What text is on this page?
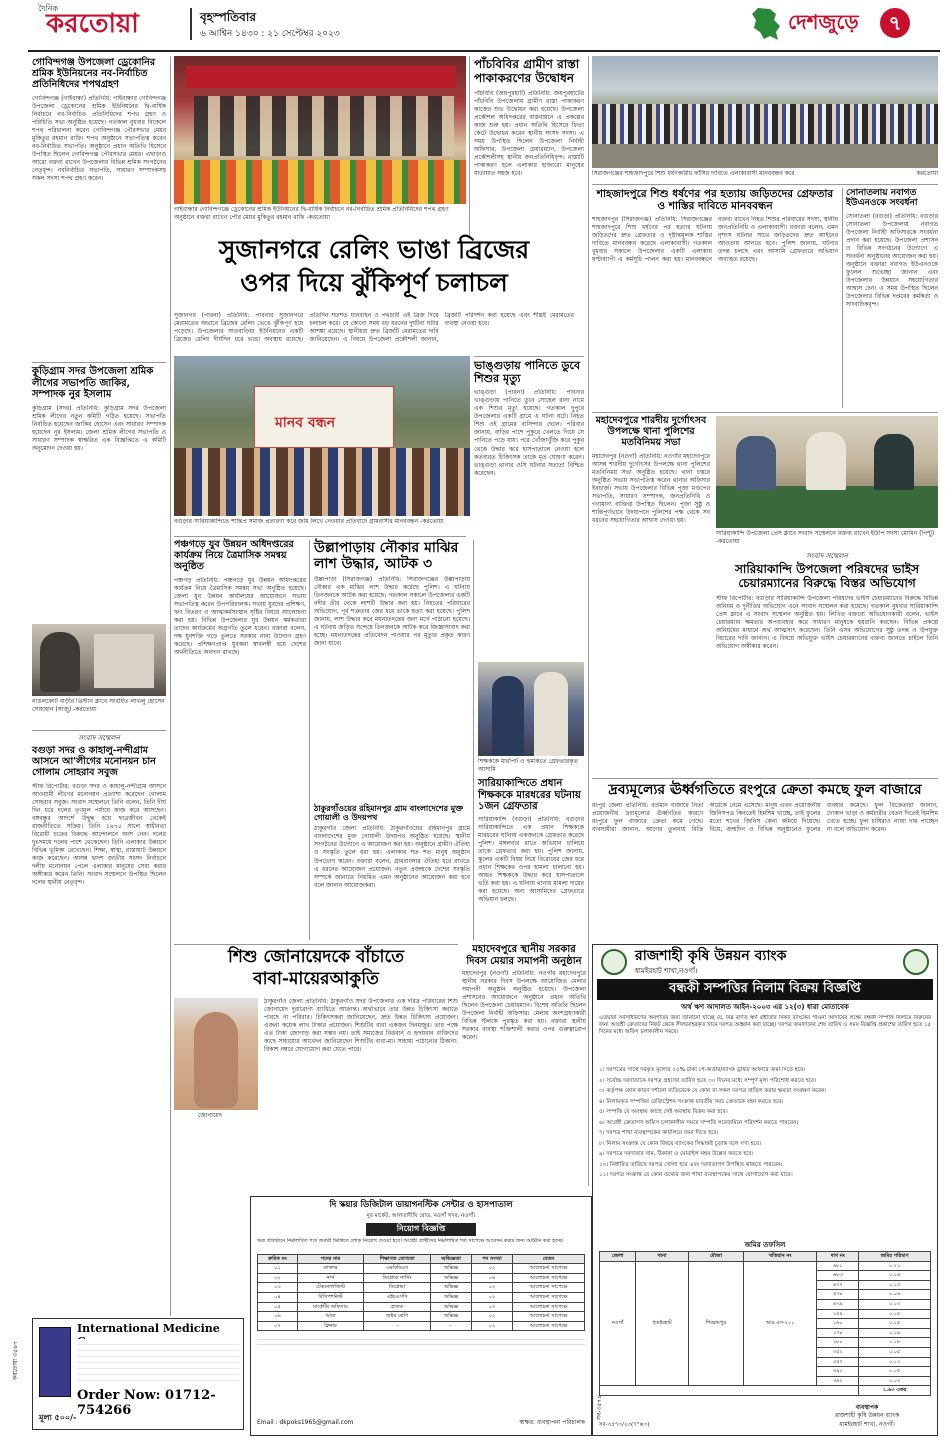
দৈনিক
করতোয়া	বৃহস্পতিবার
৬ আশ্বিন ১৪৩০ : ২১ সেপ্টেম্বর ২০২৩	দেশজুড়ে	৭
গোবিন্দগঞ্জ উপজেলা ড্রেকোনির শ্রমিক ইউনিয়নের নব-নির্বাচিত প্রতিনিধিদের শপথগ্রহণ
গোবিন্দগঞ্জ (গাইবান্ধা) প্রতিনিধি: গাইবান্ধার গোবিন্দগঞ্জ উপজেলা ড্রেকোনের শ্রমিক ইউনিয়নের দ্বি-বার্ষিক নির্বাচনে নব-নির্বাচিত প্রতিনিধিদের শপথ গ্রহণ ও পরিচিতি সভা অনুষ্ঠিত হয়েছে। গতকাল বুধবার বিকেলে শপথ পরিচালনা করেন গোবিন্দগঞ্জ পৌরসভার মেয়র মুকিতুর রহমান রাফি। শপথ অনুষ্ঠানে সভাপতিত্ব করেন নব-নির্বাচিত সভাপতি। অনুষ্ঠানে প্রধান অতিথি হিসেবে উপস্থিত ছিলেন গোবিন্দগঞ্জ পৌরসভার মেয়র। এছাড়াও আরো বক্তব্য রাখেন উপজেলার বিভিন্ন শ্রমিক সংগঠনের নেতৃবৃন্দ। নবনির্বাচিত সভাপতি, সাধারণ সম্পাদকসহ সকল সদস্য শপথ গ্রহণ করেন।
কুড়িগ্রাম সদর উপজেলা শ্রমিক লীগের সভাপতি জাকির, সম্পাদক নুর ইসলাম
কুড়িগ্রাম (সদর) প্রতিনিধি: কুড়িগ্রাম সদর উপজেলা শ্রমিক লীগের নতুন কমিটি গঠিত হয়েছে। সভাপতি নির্বাচিত হয়েছেন জাকির হোসেন এবং সাধারণ সম্পাদক হয়েছেন নুর ইসলাম। জেলা শ্রমিক লীগের সভাপতি ও সাধারণ সম্পাদক স্বাক্ষরিত এক বিজ্ঞপ্তিতে এ কমিটি অনুমোদন দেওয়া হয়।
নাঙলকোট বাড়ীর খ্রিস্টান ক্লাবে সংবর্ধিত লাভলু হোসেন সোহাহান (সাজু) -করতোয়া
সংবাদ সম্মেলন
বগুড়া সদর ও কাহালু-নন্দীগ্রাম আসনে আ'লীগের মনোনয়ন চান গোলাম সোহরাব সবুজ
স্টাফ রিপোর্টার: বগুড়া সদর ও কাহালু-নন্দীগ্রাম আসনে আওয়ামী লীগের মনোনয়ন প্রত্যাশা করেছেন গোলাম সোহরাব সবুজ। সংবাদ সম্মেলনে তিনি বলেন, তিনি দীর্ঘ দিন ধরে দলের তৃণমূল পর্যায়ে কাজ করে আসছেন। বঙ্গবন্ধুর আদর্শে উদ্বুদ্ধ হয়ে ছাত্রজীবন থেকেই রাজনীতিতে সক্রিয়। তিনি ১৯৭৫ সালে স্বাধীনতা বিরোধী চক্রের বিরুদ্ধে আন্দোলনে অংশ নেন। দলের দুঃসময়ে দলের পাশে থেকেছেন। তিনি এলাকার উন্নয়নে বিভিন্ন ভূমিকা রেখেছেন। শিক্ষা, স্বাস্থ্য, রাস্তাঘাট উন্নয়নে কাজ করেছেন। আসন্ন দ্বাদশ জাতীয় সংসদ নির্বাচনে দলীয় মনোনয়ন পেলে এলাকার মানুষের সেবা করার অঙ্গীকার করেন তিনি। সংবাদ সম্মেলনে উপস্থিত ছিলেন দলের স্থানীয় নেতৃবৃন্দ।
International Medicine
Order Now: 01712-754266
মূল্য ৫০০/-
করতোয়া ৩৫৯৭
গাইবান্ধার গোবিন্দগঞ্জে ড্রেকোনের শ্রমিক ইউনিয়নের দ্বি-বার্ষিক নির্বাচনে নব-নির্বাচিত শ্রমিক প্রতিনিধিদের শপথ গ্রহণ অনুষ্ঠানে বক্তব্য রাখেন পৌর মেয়র মুকিতুর রহমান রাফি -করতোয়া
পাঁচবিবির গ্রামীণ রাস্তা পাকাকরণের উদ্বোধন
পাঁচবিবি (জয়পুরহাট) প্রতিনিধি: জয়পুরহাটের পাঁচবিবি উপজেলায় গ্রামীণ রাস্তা পাকাকরণ কাজের শুভ উদ্বোধন করা হয়েছে। উপজেলা প্রকৌশল অধিদপ্তরের বাস্তবায়নে এ প্রকল্পের কাজ শুরু হয়। প্রধান অতিথি হিসেবে ফিতা কেটে উদ্বোধন করেন স্থানীয় সংসদ সদস্য। এ সময় উপস্থিত ছিলেন উপজেলা নির্বাহী অফিসার, উপজেলা চেয়ারম্যান, উপজেলা প্রকৌশলীসহ স্থানীয় জনপ্রতিনিধিবৃন্দ। রাস্তাটি পাকাকরণ হলে এলাকার হাজারো মানুষের যাতায়াত সহজ হবে।
সুজানগরে রেলিং ভাঙা ব্রিজের
ওপর দিয়ে ঝুঁকিপূর্ণ চলাচল
সুজানগর (পাবনা) প্রতিনিধি: পাবনার সুজানগরে মেরামতের অভাবে ব্রিজের রেলিং ভেঙে ঝুঁকিপূর্ণ হয়ে পড়েছে। উপজেলার সাতবাড়িয়া ইউনিয়নের একটি ব্রিজের রেলিং দীর্ঘদিন ধরে ভাঙা অবস্থায় রয়েছে। প্রতিদিন শতশত যানবাহন ও পথচারী এই ব্রিজ দিয়ে চলাচল করে। যে কোনো সময় বড় ধরনের দুর্ঘটনা ঘটার আশঙ্কা রয়েছে। স্থানীয়রা দ্রুত ব্রিজটি মেরামতের দাবি জানিয়েছেন। এ বিষয়ে উপজেলা প্রকৌশলী জানান, ব্রিজটি পরিদর্শন করা হয়েছে এবং শীঘ্রই মেরামতের ব্যবস্থা নেওয়া হবে।
মানব বন্ধন
বগুড়ার সারিয়াকান্দিতে শান্তিপ্র সমাজ প্রতারণা করে জমি লিখে নেওয়ার প্রতিবাদে গ্রামবাসীর মানববন্ধন -করতোয়া
ভাঙ্গুড়ায় পানিতে ডুবে শিশুর মৃত্যু
ভাঙ্গুড়া (পাবনা) প্রতিনিধি: পাবনার ভাঙ্গুড়ায় পানিতে ডুবে সোহেল রানা নামে এক শিশুর মৃত্যু হয়েছে। গতকাল দুপুরে উপজেলার একটি গ্রামে এ ঘটনা ঘটে। নিহত শিশু ওই গ্রামের বাসিন্দার ছেলে। পরিবার জানায়, বাড়ির পাশে পুকুরে খেলতে গিয়ে সে পানিতে পড়ে যায়। পরে খোঁজাখুঁজি করে পুকুর থেকে উদ্ধার করে হাসপাতালে নেওয়া হলে কর্তব্যরত চিকিৎসক তাকে মৃত ঘোষণা করেন। ভাঙ্গুড়া থানার ওসি ঘটনার সত্যতা নিশ্চিত করেছেন।
পঞ্চগড়ে যুব উন্নয়ন অধিদপ্তরের কার্যক্রম নিয়ে ত্রৈমাসিক সমন্বয় অনুষ্ঠিত
পঞ্চগড় প্রতিনিধি: পঞ্চগড়ে যুব উন্নয়ন অধিদপ্তরের কার্যক্রম নিয়ে ত্রৈমাসিক সমন্বয় সভা অনুষ্ঠিত হয়েছে। জেলা যুব উন্নয়ন কার্যালয়ের আয়োজনে সভায় সভাপতিত্ব করেন উপপরিচালক। সভায় যুবদের প্রশিক্ষণ, ঋণ বিতরণ ও আত্মকর্মসংস্থান সৃষ্টির বিষয়ে আলোচনা করা হয়। বিভিন্ন উপজেলার যুব উন্নয়ন কর্মকর্তারা তাদের কার্যক্রমের অগ্রগতি তুলে ধরেন। বক্তারা বলেন, দক্ষ যুবশক্তি গড়ে তুলতে সরকার নানা উদ্যোগ গ্রহণ করেছে। প্রশিক্ষণপ্রাপ্ত যুবকরা স্বাবলম্বী হয়ে দেশের অর্থনীতিতে অবদান রাখছে।
উল্লাপাড়ায় নৌকার মাঝির লাশ উদ্ধার, আটক ৩
উল্লাপাড়া (সিরাজগঞ্জ) প্রতিনিধি: সিরাজগঞ্জের উল্লাপাড়ায় নৌকার এক মাঝির লাশ উদ্ধার করেছে পুলিশ। এ ঘটনায় তিনজনকে আটক করা হয়েছে। গতকাল সকালে উপজেলার একটি নদীর তীর থেকে লাশটি উদ্ধার করা হয়। নিহতের পরিবারের অভিযোগ, পূর্ব শত্রুতার জের ধরে তাকে হত্যা করা হয়েছে। পুলিশ জানায়, লাশ উদ্ধার করে ময়নাতদন্তের জন্য মর্গে পাঠানো হয়েছে। এ ঘটনায় জড়িত সন্দেহে তিনজনকে আটক করে জিজ্ঞাসাবাদ করা হচ্ছে। ময়নাতদন্তের প্রতিবেদন পাওয়ার পর মৃত্যুর প্রকৃত কারণ জানা যাবে।
ঠাকুরগাঁওয়ের রহিমানপুর গ্রাম বাংলাদেশের মুক্ত গোয়ালী ও উদয়পথ
ঠাকুরগাঁও জেলা প্রতিনিধি: ঠাকুরগাঁওয়ের রহিমানপুর গ্রামে বাংলাদেশের মুক্ত গোয়ালী উদয়পথ অনুষ্ঠিত হয়েছে। স্থানীয় সংগঠনের উদ্যোগে এ আয়োজন করা হয়। অনুষ্ঠানে গ্রামীণ ঐতিহ্য ও সংস্কৃতি তুলে ধরা হয়। এলাকার শত শত মানুষ অনুষ্ঠান উপভোগ করেন। বক্তারা বলেন, গ্রামবাংলার ঐতিহ্য ধরে রাখতে এ ধরনের আয়োজন প্রয়োজন। নতুন প্রজন্মকে দেশের সংস্কৃতি সম্পর্কে জানাতে নিয়মিত এমন অনুষ্ঠানের আয়োজন করা হবে বলে জানান আয়োজকরা।
শিক্ষককে মারপিট ও হুমকিতে গ্রেফতারকৃত আসামি
সারিয়াকান্দিতে প্রধান শিক্ষককে মারধরের ঘটনায় ১জন গ্রেফতার
সারিয়াকান্দি (বগুড়া) প্রতিনিধি: বগুড়ার সারিয়াকান্দিতে এক প্রধান শিক্ষককে মারধরের ঘটনায় একজনকে গ্রেফতার করেছে পুলিশ। মঙ্গলবার রাতে অভিযান চালিয়ে তাকে গ্রেফতার করা হয়। পুলিশ জানায়, স্কুলের একটি বিষয় নিয়ে বিরোধের জের ধরে প্রধান শিক্ষকের ওপর হামলা চালানো হয়। আহত শিক্ষককে উদ্ধার করে হাসপাতালে ভর্তি করা হয়। এ ঘটনায় থানায় মামলা দায়ের করা হয়েছে। অন্য আসামিদের গ্রেফতারে অভিযান চলছে।
মহাদেবপুরে স্থানীয় সরকার দিবস মেয়ার সমাপনী অনুষ্ঠান
মহাদেবপুর (নওগাঁ) প্রতিনিধি: নওগাঁর মহাদেবপুরে স্থানীয় সরকার দিবস উপলক্ষে আয়োজিত মেলার সমাপনী অনুষ্ঠান অনুষ্ঠিত হয়েছে। উপজেলা প্রশাসনের আয়োজনে অনুষ্ঠানে প্রধান অতিথি ছিলেন উপজেলা চেয়ারম্যান। বিশেষ অতিথি ছিলেন উপজেলা নির্বাহী অফিসার। মেলায় অংশগ্রহণকারী বিভিন্ন স্টলকে পুরস্কৃত করা হয়। বক্তারা স্থানীয় সরকার ব্যবস্থা শক্তিশালী করার ওপর গুরুত্বারোপ করেন।
শিশু জোনায়েদকে বাঁচাতে
বাবা-মায়েরআকুতি
জোনায়েদ
ঠাকুরগাঁও জেলা প্রতিনিধি: ঠাকুরগাঁও সদর উপজেলার এক দরিদ্র পরিবারের শিশু জোনায়েদ দুরারোগ্য ব্যাধিতে আক্রান্ত। অর্থাভাবে তার উন্নত চিকিৎসা করাতে পারছে না পরিবার। চিকিৎসকরা জানিয়েছেন, দ্রুত উন্নত চিকিৎসা প্রয়োজন। এজন্য কয়েক লাখ টাকার প্রয়োজন। শিশুটির বাবা একজন দিনমজুর। তার পক্ষে এত টাকা জোগাড় করা সম্ভব নয়। তাই সমাজের বিত্তবান ও হৃদয়বান ব্যক্তিদের কাছে সাহায্যের আবেদন জানিয়েছেন শিশুটির বাবা-মা। সাহায্য পাঠানোর ঠিকানা: বিকাশ নম্বরে যোগাযোগ করা যেতে পারে।
দি স্কয়ার ডিজিটাল ডায়াগনস্টিক সেন্টার ও হাসপাতাল
নুর মার্কেট, আলতাদীঘি রোড, নওগাঁ সদর, নওগাঁ।
নিয়োগ বিজ্ঞপ্তি
অত্র প্রতিষ্ঠানে নিম্নলিখিত পদে জরুরী ভিত্তিতে লোক নিয়োগ দেওয়া হবে। আগ্রহী প্রার্থীদের নিম্নলিখিত শর্ত সাপেক্ষে আবেদন করার জন্য আহ্বান করা হচ্ছে।
ক্রমিক নং	পদের নাম	শিক্ষাগত যোগ্যতা	অভিজ্ঞতা	পদ সংখ্যা	বেতন
০১	ডাক্তার	এমবিবিএস	অভিজ্ঞ	০২	আলোচনা সাপেক্ষে
০২	নার্স	ডিপ্লোমা নার্সিং	অভিজ্ঞ	০৪	আলোচনা সাপেক্ষে
০৩	টেকনোলজিস্ট	ডিপ্লোমা	অভিজ্ঞ	০২	আলোচনা সাপেক্ষে
০৪	রিসিপশনিস্ট	এইচএসসি	অভিজ্ঞ	০২	আলোচনা সাপেক্ষে
০৫	মার্কেটিং অফিসার	স্নাতক	অভিজ্ঞ	০৩	আলোচনা সাপেক্ষে
০৬	আয়া	অষ্টম শ্রেণি	অভিজ্ঞ	০২	আলোচনা সাপেক্ষে
০৭	ক্লিনার	-	-	০২	আলোচনা সাপেক্ষে
Email : dkpoks1965@gmail.com	স্বাক্ষর: ব্যবস্থাপনা পরিচালক
সব-৩৫৭৪
সিরাজগঞ্জের শাহজাদপুরে শিশু ধর্ষণকারীর ফাঁসির দাবিতে এলাকাবাসী মানববন্ধন করে	করতোয়া
শাহজাদপুরে শিশু ধর্ষণের পর হত্যায় জড়িতদের গ্রেফতার ও শাস্তির দাবিতে মানববন্ধন
শাহজাদপুর (সিরাজগঞ্জ) প্রতিনিধি: সিরাজগঞ্জের শাহজাদপুরে শিশু ধর্ষণের পর হত্যার ঘটনায় জড়িতদের দ্রুত গ্রেফতার ও দৃষ্টান্তমূলক শাস্তির দাবিতে মানববন্ধন করেছে এলাকাবাসী। গতকাল বুধবার সকালে উপজেলার একটি এলাকায় ঘণ্টাব্যাপী এ কর্মসূচি পালন করা হয়। মানববন্ধনে বক্তব্য রাখেন নিহত শিশুর পরিবারের সদস্য, স্থানীয় জনপ্রতিনিধি ও এলাকাবাসী। বক্তারা বলেন, এমন নৃশংস ঘটনার সাথে জড়িতদের দ্রুত আইনের আওতায় আনতে হবে। পুলিশ জানায়, ঘটনার তদন্ত চলছে এবং আসামি গ্রেফতারে অভিযান অব্যাহত রয়েছে।
সোনাতলায় নবাগত ইউএনওকে সংবর্ধনা
সোনাতলা (বগুড়া) প্রতিনিধি: বগুড়ার সোনাতলা উপজেলায় নবাগত উপজেলা নির্বাহী অফিসারকে সংবর্ধনা প্রদান করা হয়েছে। উপজেলা প্রশাসন ও বিভিন্ন সংগঠনের উদ্যোগে এ সংবর্ধনা অনুষ্ঠানের আয়োজন করা হয়। অনুষ্ঠানে বক্তারা নবাগত ইউএনওকে ফুলেল শুভেচ্ছা জানান এবং উপজেলার উন্নয়নে সহযোগিতার আশ্বাস দেন। এ সময় উপস্থিত ছিলেন উপজেলার বিভিন্ন দপ্তরের কর্মকর্তা ও সাংবাদিকবৃন্দ।
মহাদেবপুরে শারদীয় দুর্গোৎসব উপলক্ষে থানা পুলিশের মতবিনিময় সভা
মহাদেবপুর (নওগাঁ) প্রতিনিধি: নওগাঁর মহাদেবপুরে আসন্ন শারদীয় দুর্গোৎসব উপলক্ষে থানা পুলিশের মতবিনিময় সভা অনুষ্ঠিত হয়েছে। থানা চত্বরে অনুষ্ঠিত সভায় সভাপতিত্ব করেন থানার অফিসার ইনচার্জ। সভায় উপজেলার বিভিন্ন পূজা মণ্ডপের সভাপতি, সাধারণ সম্পাদক, জনপ্রতিনিধি ও গণ্যমান্য ব্যক্তিরা উপস্থিত ছিলেন। পূজা সুষ্ঠু ও শান্তিপূর্ণভাবে উদযাপনে পুলিশের পক্ষ থেকে সব ধরনের সহযোগিতার আশ্বাস দেওয়া হয়।
সারিয়াকান্দি উপজেলা প্রেস ক্লাবে সংবাদ সম্মেলনে বক্তব্য রাখেন ইউপি সদস্য মোমিন (পিন্টু) -করতোয়া
সংবাদ সম্মেলন
সারিয়াকান্দি উপজেলা পরিষদের ভাইস চেয়ারম্যানের বিরুদ্ধে বিস্তর অভিযোগ
স্টাফ রিপোর্টার: বগুড়ার সারিয়াকান্দি উপজেলা পরিষদের ভাইস চেয়ারম্যানের বিরুদ্ধে বিভিন্ন অনিয়ম ও দুর্নীতির অভিযোগ এনে সংবাদ সম্মেলন করা হয়েছে। গতকাল বুধবার সারিয়াকান্দি প্রেস ক্লাবে এ সংবাদ সম্মেলন অনুষ্ঠিত হয়। লিখিত বক্তব্যে অভিযোগকারী বলেন, ভাইস চেয়ারম্যান ক্ষমতার অপব্যবহার করে সাধারণ মানুষকে হয়রানি করছেন। বিভিন্ন প্রকল্পে অনিয়মের মাধ্যমে অর্থ আত্মসাৎ করেছেন। তিনি এসব অভিযোগের সুষ্ঠু তদন্ত ও উপযুক্ত বিচারের দাবি জানান। এ বিষয়ে অভিযুক্ত ভাইস চেয়ারম্যানের বক্তব্য জানতে চাইলে তিনি অভিযোগ অস্বীকার করেন।
দ্রব্যমূল্যের ঊর্ধ্বগতিতে রংপুরে ক্রেতা কমছে ফুল বাজারে
রংপুর জেলা প্রতিনিধি: বর্তমান বাজারে নিত্য প্রয়োজনীয় দ্রব্যমূল্যের ঊর্ধ্বগতির কারণে রংপুরে ফুল বাজারে ক্রেতা কমে গেছে। ব্যবসায়ীরা জানান, আগের তুলনায় বিক্রি অর্ধেকে নেমে এসেছে। মানুষ এখন প্রয়োজনীয় জিনিসপত্র কিনতেই হিমশিম খাচ্ছে, তাই ফুলের মতো শখের জিনিস কেনা কমিয়ে দিয়েছে। বিয়ে, জন্মদিন ও বিভিন্ন অনুষ্ঠানেও ফুলের ব্যবহার কমেছে। ফুল বিক্রেতারা জানান, দোকান ভাড়া ও কর্মচারীর বেতন দিতেই হিমশিম খেতে হচ্ছে। ফুল চাষিরাও ন্যায্য দাম পাচ্ছেন না বলে অভিযোগ করেন।
রাজশাহী কৃষি উন্নয়ন ব্যাংক
ধামইরহাট শাখা,নওগাঁ।
বন্ধকী সম্পত্তির নিলাম বিক্রয় বিজ্ঞপ্তি
অর্থ ঋণ আদালত আইন-২০০৩ এর ১২(৩) ধারা মোতাবেক
এতদ্বারা সর্বসাধারণের অবগতির জন্য জানানো যাচ্ছে যে, নিম্ন বর্ণিত ঋণ গ্রহীতার নিকট ব্যাংকের পাওনা আদায়ের লক্ষ্যে বন্ধকী সম্পত্তি নিলামে বিক্রয়ের জন্য আগ্রহী ক্রেতাদের নিকট থেকে সীলমোহরকৃত খামে দরপত্র আহ্বান করা যাচ্ছে। দরপত্র জমাদানের শেষ তারিখ ও সময় বিজ্ঞপ্তি প্রকাশের তারিখ হতে ১৫ দিনের মধ্যে অফিস চলাকালীন সময়ে।
১। দরপত্রের সাথে দরকৃত মূল্যের ২৫% টাকা পে-অর্ডার/ব্যাংক ড্রাফট আকারে জমা দিতে হবে।
২। সর্বোচ্চ দরদাতাকে দরপত্র গ্রহণের তারিখ হতে ৩০ দিনের মধ্যে সম্পূর্ণ মূল্য পরিশোধ করতে হবে।
৩। কর্তৃপক্ষ কোন কারণ দর্শানো ব্যতিরেকে যে কোন বা সকল দরপত্র বাতিল করার ক্ষমতা সংরক্ষণ করেন।
৪। নিলামকৃত সম্পত্তির রেজিস্ট্রেশন সংক্রান্ত যাবতীয় খরচ ক্রেতাকে বহন করতে হবে।
৫। সম্পত্তি যে অবস্থায় আছে সেই অবস্থায় বিক্রয় করা হবে।
৬। আগ্রহী ক্রেতাগণ অফিস চলাকালীন সময়ে সম্পত্তি সরেজমিনে পরিদর্শন করতে পারবেন।
৭। দরপত্র শাখা ব্যবস্থাপকের কার্যালয়ে জমা দিতে হবে।
৮। নিলাম সংক্রান্ত যে কোন বিষয়ে ব্যাংকের সিদ্ধান্তই চূড়ান্ত বলে গণ্য হবে।
৯। দরপত্রে দরদাতার নাম, ঠিকানা ও মোবাইল নম্বর উল্লেখ করতে হবে।
১০। নির্ধারিত তারিখে দরপত্র খোলা হবে এবং দরদাতাগণ উপস্থিত থাকতে পারবেন।
১১। দরপত্র সংক্রান্ত যে কোন তথ্যের জন্য শাখা ব্যবস্থাপকের সাথে যোগাযোগ করা যাবে।
জমির তফসিল
জেলা	থানা	মৌজা	খতিয়ান নং	দাগ নং	জমির পরিমাণ
নওগাঁ	ধামইরহাট	শিবরামপুর	আর.এস-২০১	৬৮১	০.২১
				৬৮৩	০.১৬
				৪৭৭	০.১৩
				৪৭৮	০.০৯
				৪৭৯	০.১৩
				১৫৯	০.১৫
				১৬০	০.১৫
				১৭৮	০.১৯
				১৮০	০.১৮
				৩৫২	০.০৫
				৩৫৭	০.১২
				৩৯১	০.০৫
				৩৯২	০.০২
					১.৬৩ একর
ব্যবস্থাপক
রাজশাহী কৃষি উন্নয়ন ব্যাংক
ধামইরহাট শাখা, নওগাঁ।
সব-৩৫৭৩/২৩(৭"×৩)
